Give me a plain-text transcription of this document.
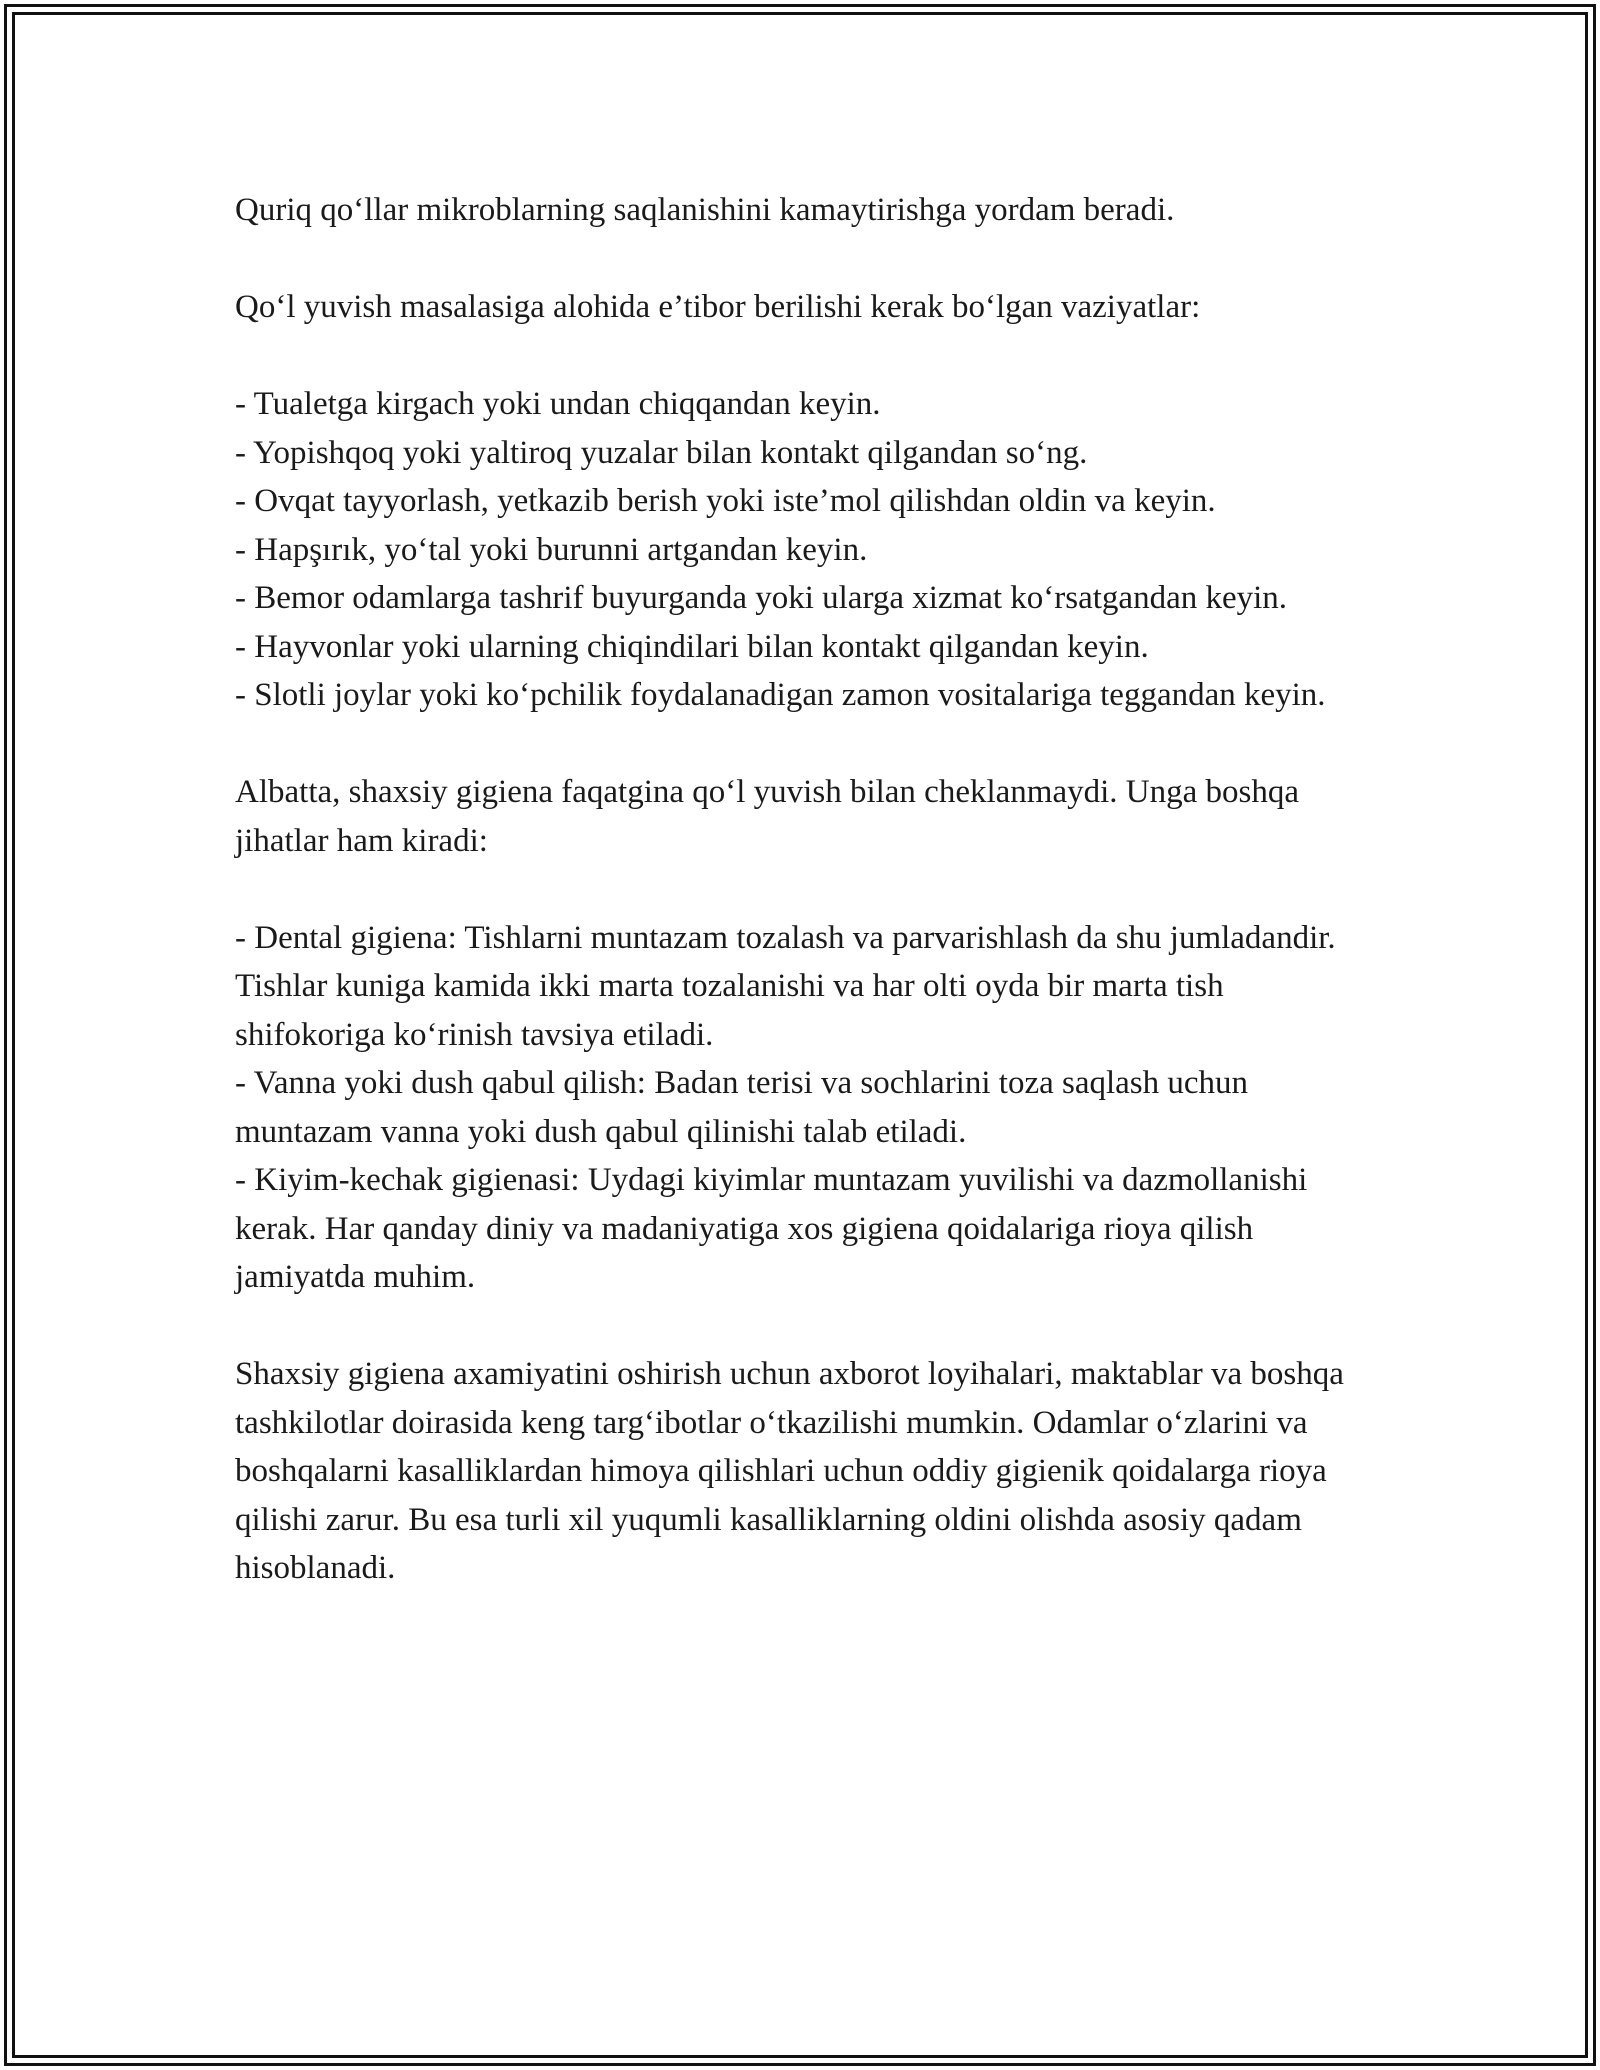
Quriq qo‘llar mikroblarning saqlanishini kamaytirishga yordam beradi.

Qo‘l yuvish masalasiga alohida e’tibor berilishi kerak bo‘lgan vaziyatlar:

- Tualetga kirgach yoki undan chiqqandan keyin.

- Yopishqoq yoki yaltiroq yuzalar bilan kontakt qilgandan so‘ng.

- Ovqat tayyorlash, yetkazib berish yoki iste’mol qilishdan oldin va keyin.

- Hapşırık, yo‘tal yoki burunni artgandan keyin.

- Bemor odamlarga tashrif buyurganda yoki ularga xizmat ko‘rsatgandan keyin.

- Hayvonlar yoki ularning chiqindilari bilan kontakt qilgandan keyin.

- Slotli joylar yoki ko‘pchilik foydalanadigan zamon vositalariga teggandan keyin.

Albatta, shaxsiy gigiena faqatgina qo‘l yuvish bilan cheklanmaydi. Unga boshqa jihatlar ham kiradi:

- Dental gigiena: Tishlarni muntazam tozalash va parvarishlash da shu jumladandir. Tishlar kuniga kamida ikki marta tozalanishi va har olti oyda bir marta tish shifokoriga ko‘rinish tavsiya etiladi.

- Vanna yoki dush qabul qilish: Badan terisi va sochlarini toza saqlash uchun muntazam vanna yoki dush qabul qilinishi talab etiladi.

- Kiyim-kechak gigienasi: Uydagi kiyimlar muntazam yuvilishi va dazmollanishi kerak. Har qanday diniy va madaniyatiga xos gigiena qoidalariga rioya qilish jamiyatda muhim.

Shaxsiy gigiena axamiyatini oshirish uchun axborot loyihalari, maktablar va boshqa tashkilotlar doirasida keng targ‘ibotlar o‘tkazilishi mumkin. Odamlar o‘zlarini va boshqalarni kasalliklardan himoya qilishlari uchun oddiy gigienik qoidalarga rioya qilishi zarur. Bu esa turli xil yuqumli kasalliklarning oldini olishda asosiy qadam hisoblanadi.
